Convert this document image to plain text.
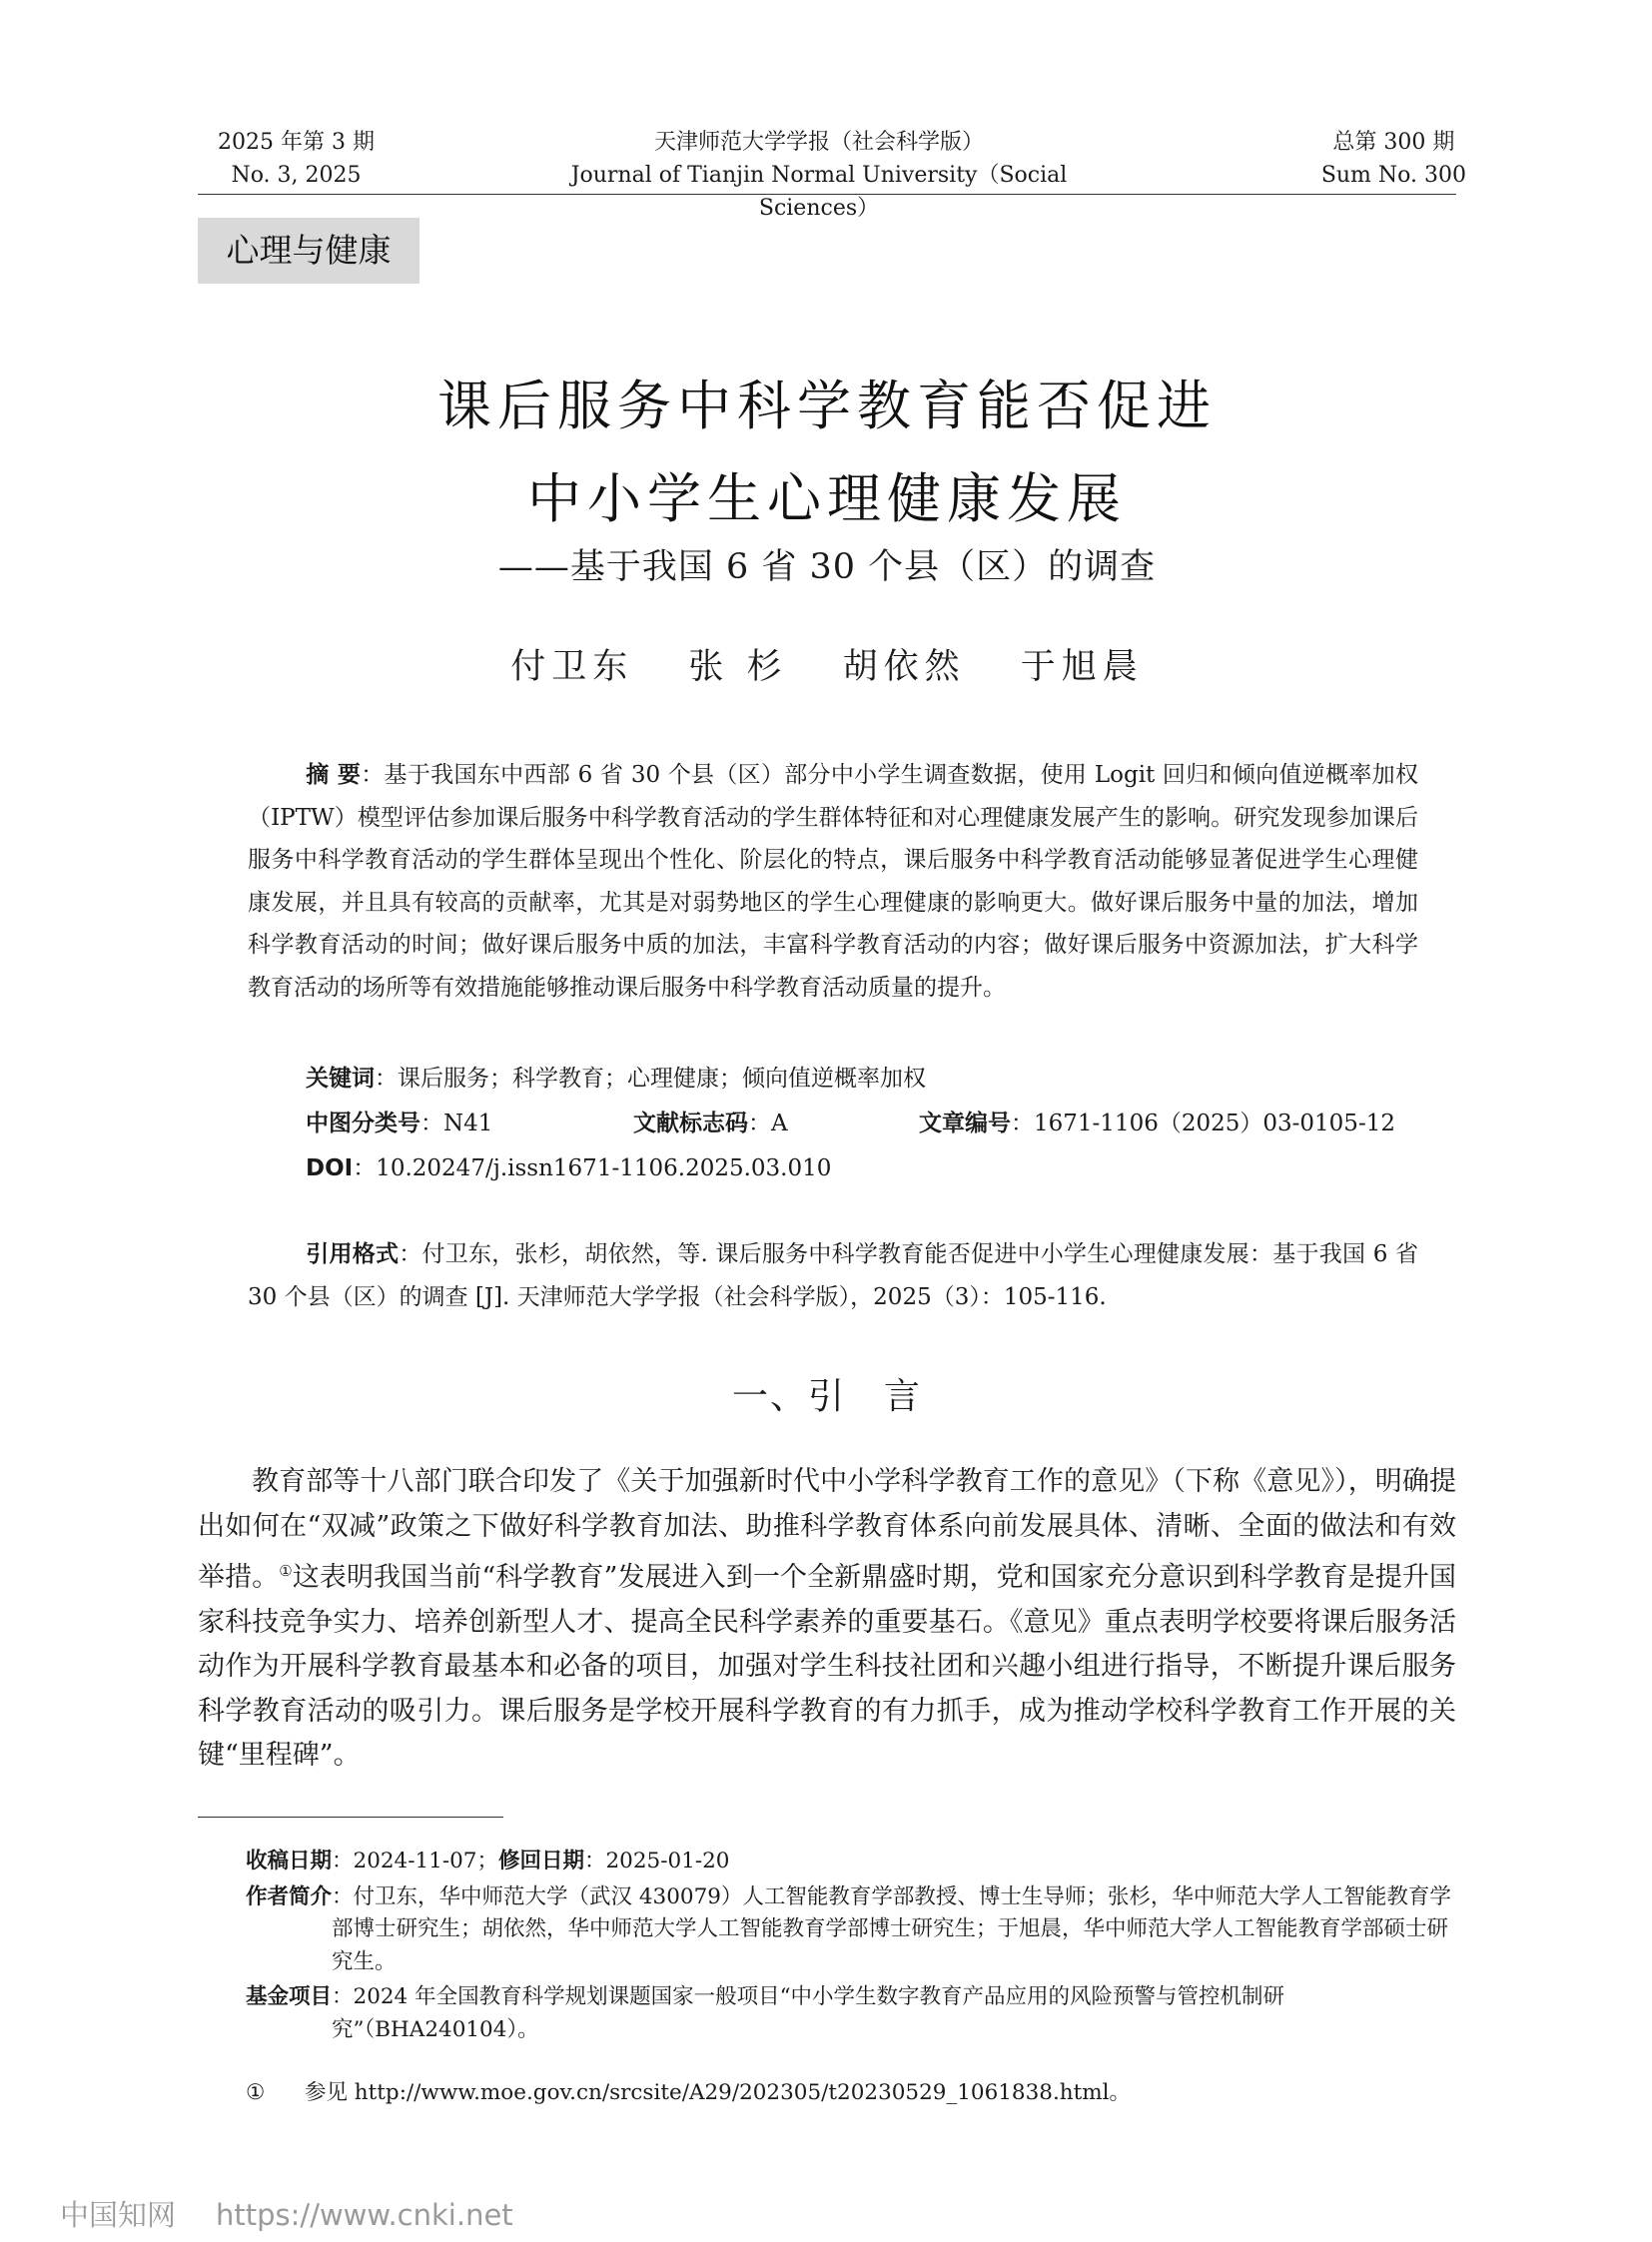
2025 年第 3 期
No. 3, 2025
天津师范大学学报（社会科学版）
Journal of Tianjin Normal University（Social Sciences）
总第 300 期
Sum No. 300
心理与健康
课后服务中科学教育能否促进
中小学生心理健康发展
——基于我国 6 省 30 个县（区）的调查
付卫东 张 杉 胡依然 于旭晨
摘 要：基于我国东中西部 6 省 30 个县（区）部分中小学生调查数据，使用 Logit 回归和倾向值逆概率加权（IPTW）模型评估参加课后服务中科学教育活动的学生群体特征和对心理健康发展产生的影响。研究发现参加课后服务中科学教育活动的学生群体呈现出个性化、阶层化的特点，课后服务中科学教育活动能够显著促进学生心理健康发展，并且具有较高的贡献率，尤其是对弱势地区的学生心理健康的影响更大。做好课后服务中量的加法，增加科学教育活动的时间；做好课后服务中质的加法，丰富科学教育活动的内容；做好课后服务中资源加法，扩大科学教育活动的场所等有效措施能够推动课后服务中科学教育活动质量的提升。
关键词：课后服务；科学教育；心理健康；倾向值逆概率加权
中图分类号：N41	文献标志码：A	文章编号：1671-1106（2025）03-0105-12
DOI：10.20247/j.issn1671-1106.2025.03.010
引用格式：付卫东，张杉，胡依然，等. 课后服务中科学教育能否促进中小学生心理健康发展：基于我国 6 省 30 个县（区）的调查 [J]. 天津师范大学学报（社会科学版），2025（3）：105-116.
一、引　言

教育部等十八部门联合印发了《关于加强新时代中小学科学教育工作的意见》（下称《意见》），明确提出如何在“双减”政策之下做好科学教育加法、助推科学教育体系向前发展具体、清晰、全面的做法和有效举措。①这表明我国当前“科学教育”发展进入到一个全新鼎盛时期，党和国家充分意识到科学教育是提升国家科技竞争实力、培养创新型人才、提高全民科学素养的重要基石。《意见》重点表明学校要将课后服务活动作为开展科学教育最基本和必备的项目，加强对学生科技社团和兴趣小组进行指导，不断提升课后服务科学教育活动的吸引力。课后服务是学校开展科学教育的有力抓手，成为推动学校科学教育工作开展的关键“里程碑”。

收稿日期：2024-11-07；修回日期：2025-01-20
作者简介 ：付卫东，华中师范大学（武汉 430079）人工智能教育学部教授、博士生导师；张杉，华中师范大学人工智能教育学部博士研究生；胡依然，华中师范大学人工智能教育学部博士研究生；于旭晨，华中师范大学人工智能教育学部硕士研究生。
基金项目 ：2024 年全国教育科学规划课题国家一般项目“中小学生数字教育产品应用的风险预警与管控机制研究”（BHA240104）。
① 参见 http://www.moe.gov.cn/srcsite/A29/202305/t20230529_1061838.html。
中国知网 https://www.cnki.net
